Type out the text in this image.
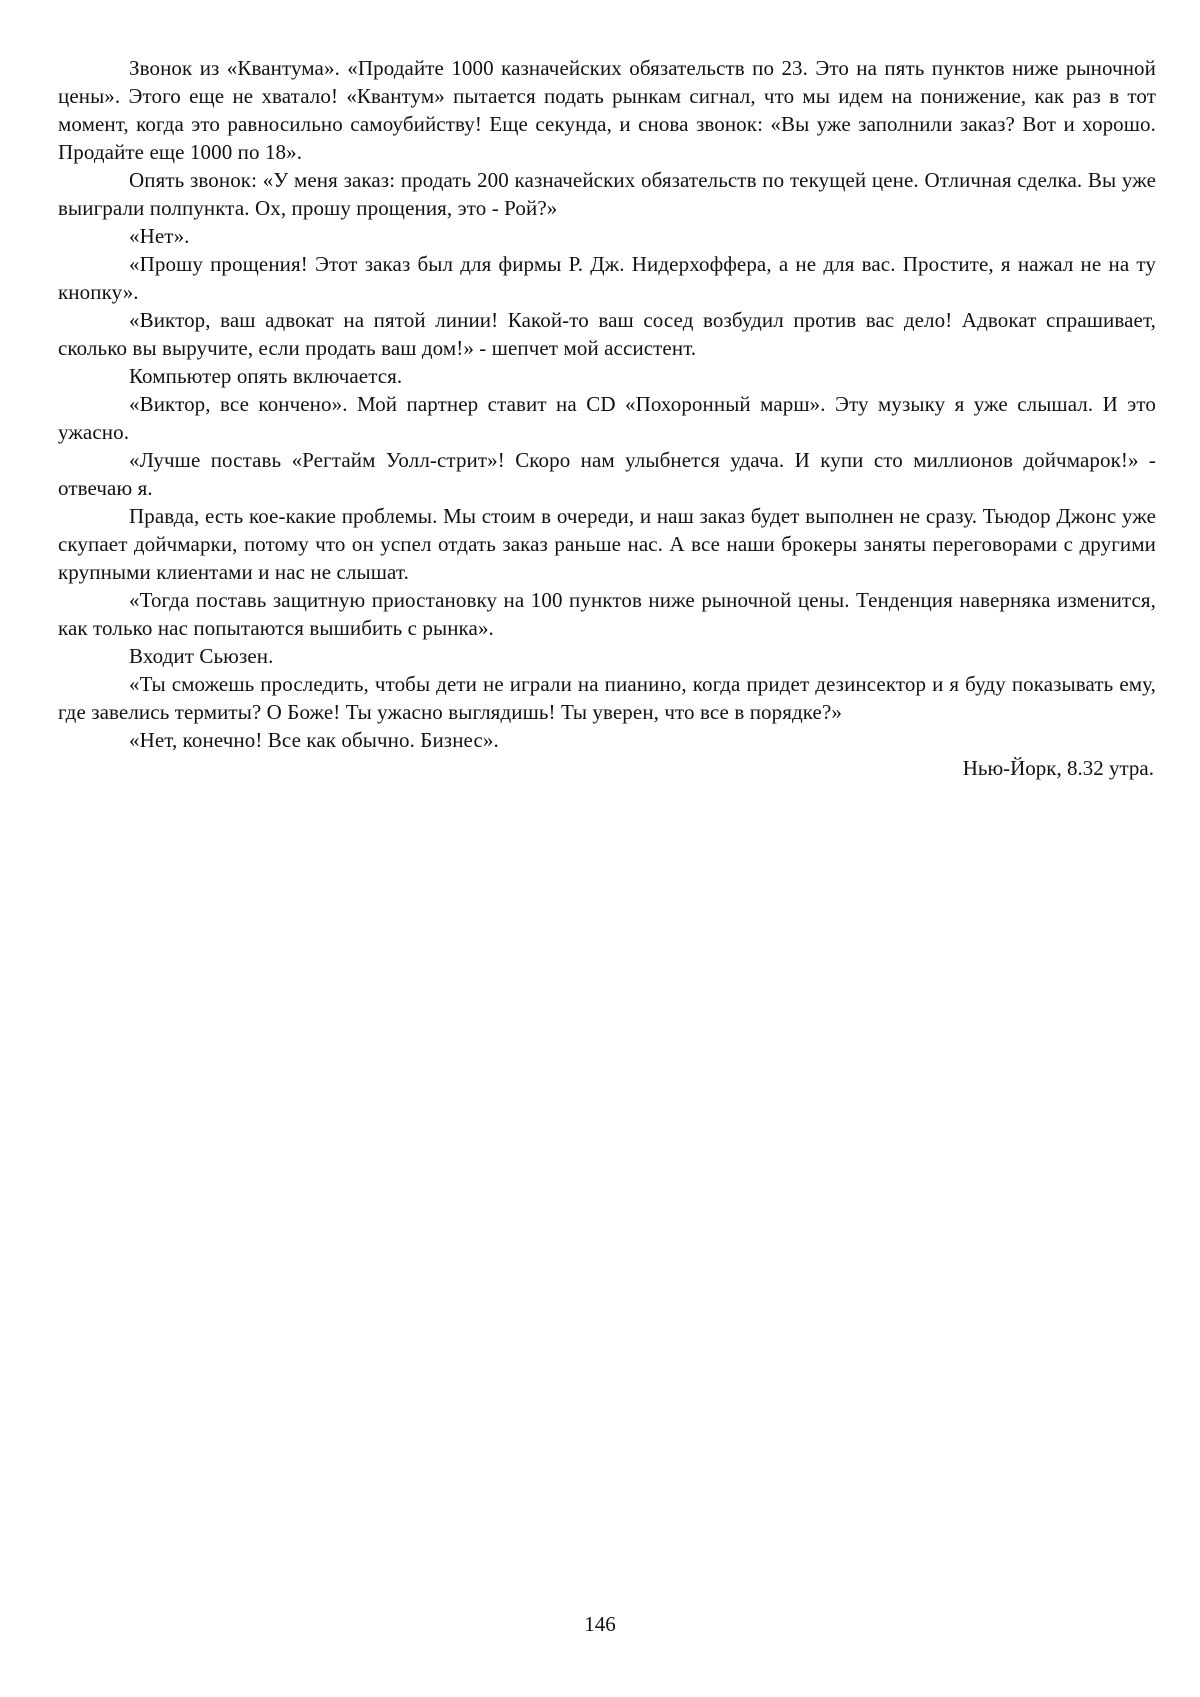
Звонок из «Квантума». «Продайте 1000 казначейских обязательств по 23. Это на пять пунктов ниже рыночной цены». Этого еще не хватало! «Квантум» пытается подать рынкам сигнал, что мы идем на понижение, как раз в тот момент, когда это равносильно самоубийству! Еще секунда, и снова звонок: «Вы уже заполнили заказ? Вот и хорошо. Продайте еще 1000 по 18».

Опять звонок: «У меня заказ: продать 200 казначейских обязательств по текущей цене. Отличная сделка. Вы уже выиграли полпункта. Ох, прошу прощения, это - Рой?»

«Нет».

«Прошу прощения! Этот заказ был для фирмы Р. Дж. Нидерхоффера, а не для вас. Простите, я нажал не на ту кнопку».

«Виктор, ваш адвокат на пятой линии! Какой-то ваш сосед возбудил против вас дело! Адвокат спрашивает, сколько вы выручите, если продать ваш дом!» - шепчет мой ассистент.

Компьютер опять включается.

«Виктор, все кончено». Мой партнер ставит на CD «Похоронный марш». Эту музыку я уже слышал. И это ужасно.

«Лучше поставь «Регтайм Уолл-стрит»! Скоро нам улыбнется удача. И купи сто миллионов дойчмарок!» - отвечаю я.

Правда, есть кое-какие проблемы. Мы стоим в очереди, и наш заказ будет выполнен не сразу. Тьюдор Джонс уже скупает дойчмарки, потому что он успел отдать заказ раньше нас. А все наши брокеры заняты переговорами с другими крупными клиентами и нас не слышат.

«Тогда поставь защитную приостановку на 100 пунктов ниже рыночной цены. Тенденция наверняка изменится, как только нас попытаются вышибить с рынка».

Входит Сьюзен.

«Ты сможешь проследить, чтобы дети не играли на пианино, когда придет дезинсектор и я буду показывать ему, где завелись термиты? О Боже! Ты ужасно выглядишь! Ты уверен, что все в порядке?»

«Нет, конечно! Все как обычно. Бизнес».

Нью-Йорк, 8.32 утра.

146
